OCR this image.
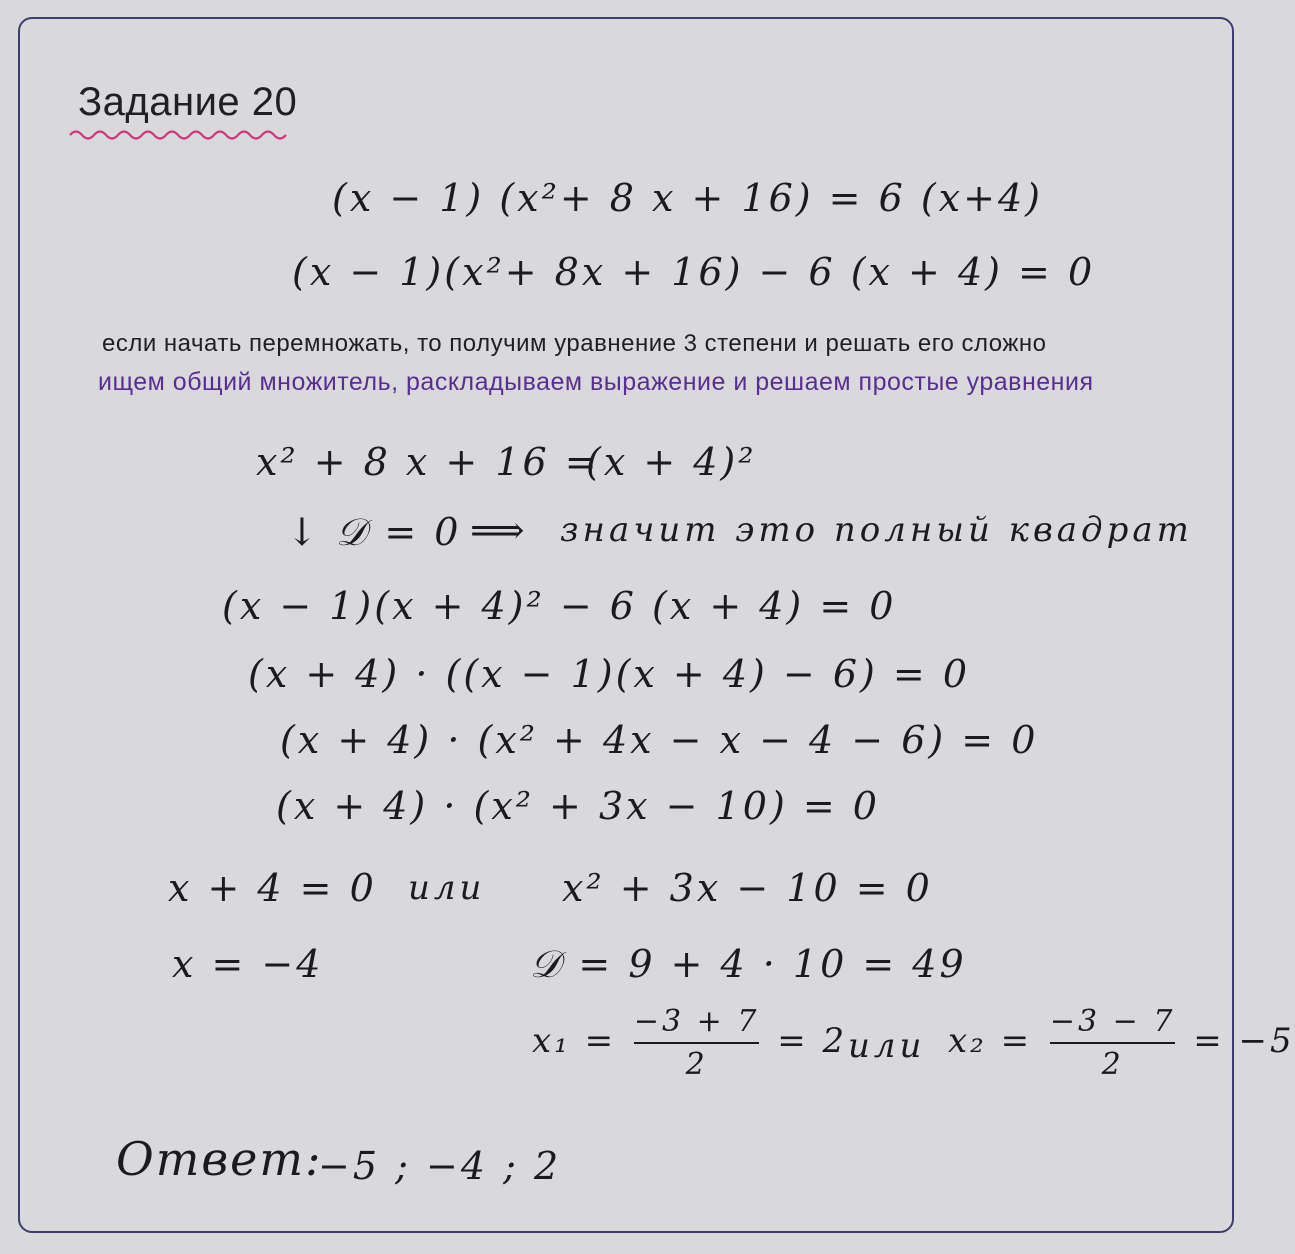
Задание 20
(x − 1) (x²+ 8 x + 16) = 6 (x+4)
(x − 1)(x²+ 8x + 16) − 6 (x + 4) = 0
если начать перемножать, то получим уравнение 3 степени и решать его сложно
ищем общий множитель, раскладываем выражение и решаем простые уравнения
x² + 8 x + 16 =
(x + 4)²
↓ 𝒟 = 0 ⟹ значит это полный квадрат
(x − 1)(x + 4)² − 6 (x + 4) = 0
(x + 4) · ((x − 1)(x + 4) − 6) = 0
(x + 4) · (x² + 4x − x − 4 − 6) = 0
(x + 4) · (x² + 3x − 10) = 0
x + 4 = 0 или x² + 3x − 10 = 0
x = −4	𝒟 = 9 + 4 · 10 = 49
$x_1 = \frac{-3 + 7}{2} = 2$ или $x_2 = \frac{-3 - 7}{2} = -5$
Ответ:
−5 ; −4 ; 2
